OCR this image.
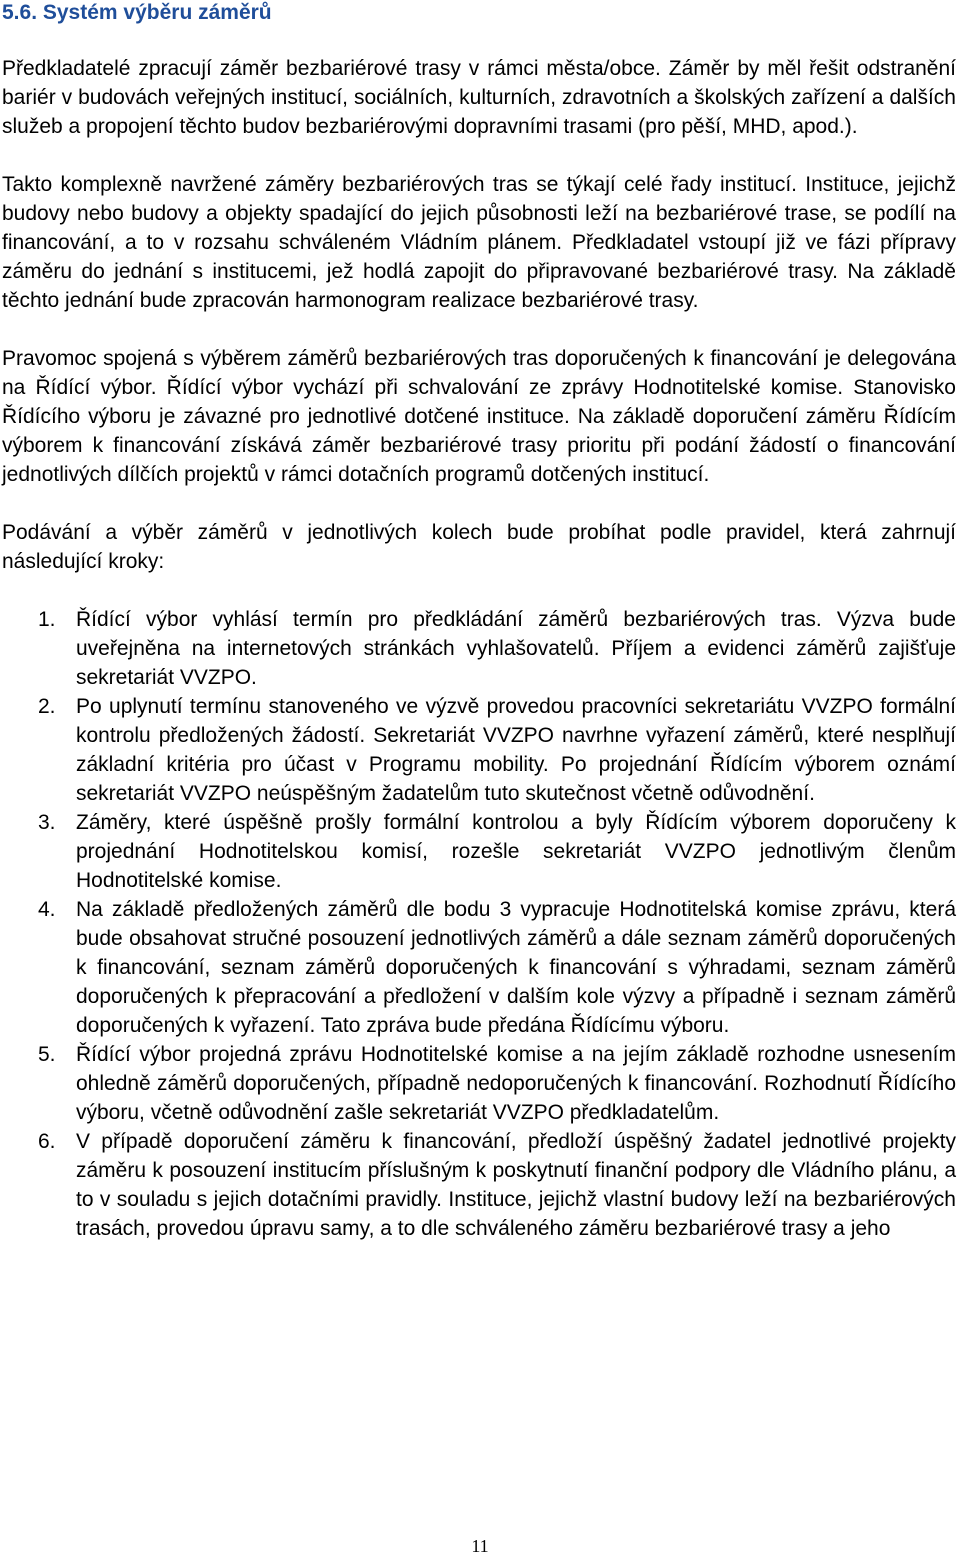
5.6. Systém výběru záměrů

Předkladatelé zpracují záměr bezbariérové trasy v rámci města/obce. Záměr by měl řešit odstranění bariér v budovách veřejných institucí, sociálních, kulturních, zdravotních a školských zařízení a dalších služeb a propojení těchto budov bezbariérovými dopravními trasami (pro pěší, MHD, apod.).

Takto komplexně navržené záměry bezbariérových tras se týkají celé řady institucí. Instituce, jejichž budovy nebo budovy a objekty spadající do jejich působnosti leží na bezbariérové trase, se podílí na financování, a to v rozsahu schváleném Vládním plánem. Předkladatel vstoupí již ve fázi přípravy záměru do jednání s institucemi, jež hodlá zapojit do připravované bezbariérové trasy. Na základě těchto jednání bude zpracován harmonogram realizace bezbariérové trasy.

Pravomoc spojená s výběrem záměrů bezbariérových tras doporučených k financování je delegována na Řídící výbor. Řídící výbor vychází při schvalování ze zprávy Hodnotitelské komise. Stanovisko Řídícího výboru je závazné pro jednotlivé dotčené instituce. Na základě doporučení záměru Řídícím výborem k financování získává záměr bezbariérové trasy prioritu při podání žádostí o financování jednotlivých dílčích projektů v rámci dotačních programů dotčených institucí.

Podávání a výběr záměrů v jednotlivých kolech bude probíhat podle pravidel, která zahrnují následující kroky:

1. Řídící výbor vyhlásí termín pro předkládání záměrů bezbariérových tras. Výzva bude uveřejněna na internetových stránkách vyhlašovatelů. Příjem a evidenci záměrů zajišťuje sekretariát VVZPO.
2. Po uplynutí termínu stanoveného ve výzvě provedou pracovníci sekretariátu VVZPO formální kontrolu předložených žádostí. Sekretariát VVZPO navrhne vyřazení záměrů, které nesplňují základní kritéria pro účast v Programu mobility. Po projednání Řídícím výborem oznámí sekretariát VVZPO neúspěšným žadatelům tuto skutečnost včetně odůvodnění.
3. Záměry, které úspěšně prošly formální kontrolou a byly Řídícím výborem doporučeny k projednání Hodnotitelskou komisí, rozešle sekretariát VVZPO jednotlivým členům Hodnotitelské komise.
4. Na základě předložených záměrů dle bodu 3 vypracuje Hodnotitelská komise zprávu, která bude obsahovat stručné posouzení jednotlivých záměrů a dále seznam záměrů doporučených k financování, seznam záměrů doporučených k financování s výhradami, seznam záměrů doporučených k přepracování a předložení v dalším kole výzvy a případně i seznam záměrů doporučených k vyřazení. Tato zpráva bude předána Řídícímu výboru.
5. Řídící výbor projedná zprávu Hodnotitelské komise a na jejím základě rozhodne usnesením ohledně záměrů doporučených, případně nedoporučených k financování. Rozhodnutí Řídícího výboru, včetně odůvodnění zašle sekretariát VVZPO předkladatelům.
6. V případě doporučení záměru k financování, předloží úspěšný žadatel jednotlivé projekty záměru k posouzení institucím příslušným k poskytnutí finanční podpory dle Vládního plánu, a to v souladu s jejich dotačními pravidly. Instituce, jejichž vlastní budovy leží na bezbariérových trasách, provedou úpravu samy, a to dle schváleného záměru bezbariérové trasy a jeho
11
